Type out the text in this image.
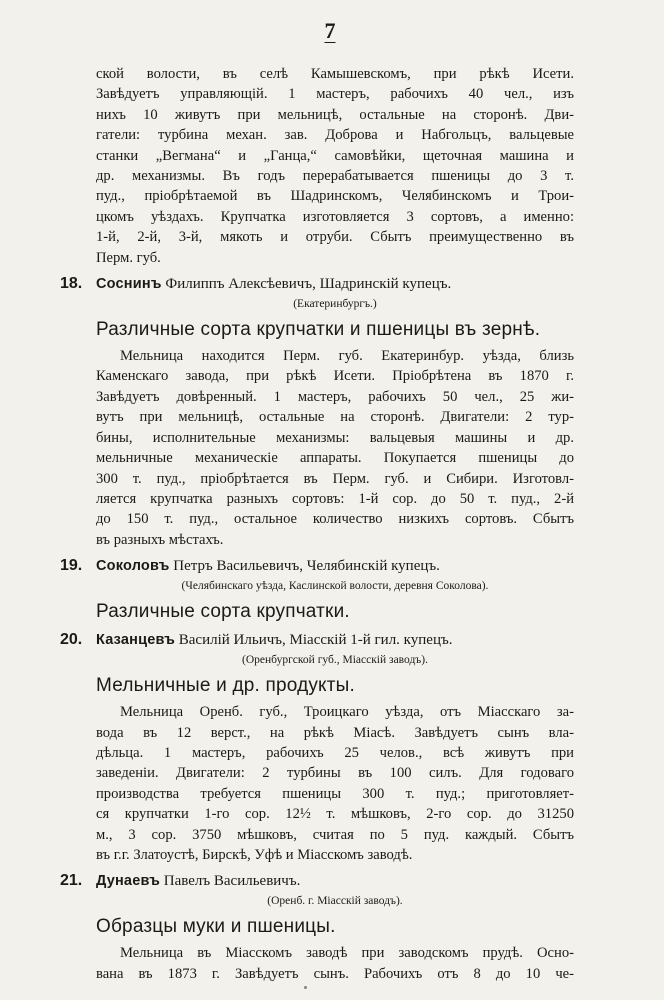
7

ской волости, въ селѣ Камышевскомъ, при рѣкѣ Исети.
Завѣдуетъ управляющій. 1 мастеръ, рабочихъ 40 чел., изъ
нихъ 10 живутъ при мельницѣ, остальные на сторонѣ. Дви-
гатели: турбина механ. зав. Доброва и Набгольцъ, вальцевые
станки „Вегмана“ и „Ганца,“ самовѣйки, щеточная машина и
др. механизмы. Въ годъ перерабатывается пшеницы до 3 т.
пуд., пріобрѣтаемой въ Шадринскомъ, Челябинскомъ и Трои-
цкомъ уѣздахъ. Крупчатка изготовляется 3 сортовъ, а именно:
1-й, 2-й, 3-й, мякоть и отруби. Сбытъ преимущественно въ
Перм. губ.

18. Соснинъ Филиппъ Алексѣевичъ, Шадринскій купецъ.

(Екатеринбургъ.)

Различные сорта крупчатки и пшеницы въ зернѣ.

Мельница находится Перм. губ. Екатеринбур. уѣзда, близь
Каменскаго завода, при рѣкѣ Исети. Пріобрѣтена въ 1870 г.
Завѣдуетъ довѣренный. 1 мастеръ, рабочихъ 50 чел., 25 жи-
вутъ при мельницѣ, остальные на сторонѣ. Двигатели: 2 тур-
бины, исполнительные механизмы: вальцевыя машины и др.
мельничные механическіе аппараты. Покупается пшеницы до
300 т. пуд., пріобрѣтается въ Перм. губ. и Сибири. Изготовл-
ляется крупчатка разныхъ сортовъ: 1-й сор. до 50 т. пуд., 2-й
до 150 т. пуд., остальное количество низкихъ сортовъ. Сбытъ
въ разныхъ мѣстахъ.

19. Соколовъ Петръ Васильевичъ, Челябинскій купецъ.

(Челябинскаго уѣзда, Каслинской волости, деревня Соколова).

Различные сорта крупчатки.
20. Казанцевъ Василій Ильичъ, Міасскій 1-й гил. купецъ.

(Оренбургской губ., Міасскій заводъ).

Мельничные и др. продукты.

Мельница Оренб. губ., Троицкаго уѣзда, отъ Міасскаго за-
вода въ 12 верст., на рѣкѣ Міасѣ. Завѣдуетъ сынъ вла-
дѣльца. 1 мастеръ, рабочихъ 25 челов., всѣ живутъ при
заведеніи. Двигатели: 2 турбины въ 100 силъ. Для годоваго
производства требуется пшеницы 300 т. пуд.; приготовляет-
ся крупчатки 1-го сор. 12½ т. мѣшковъ, 2-го сор. до 31250
м., 3 сор. 3750 мѣшковъ, считая по 5 пуд. каждый. Сбытъ
въ г.г. Златоустѣ, Бирскѣ, Уфѣ и Міасскомъ заводѣ.

21. Дунаевъ Павелъ Васильевичъ.

(Оренб. г. Міасскій заводъ).

Образцы муки и пшеницы.

Мельница въ Міасскомъ заводѣ при заводскомъ прудѣ. Осно-
вана въ 1873 г. Завѣдуетъ сынъ. Рабочихъ отъ 8 до 10 че-
